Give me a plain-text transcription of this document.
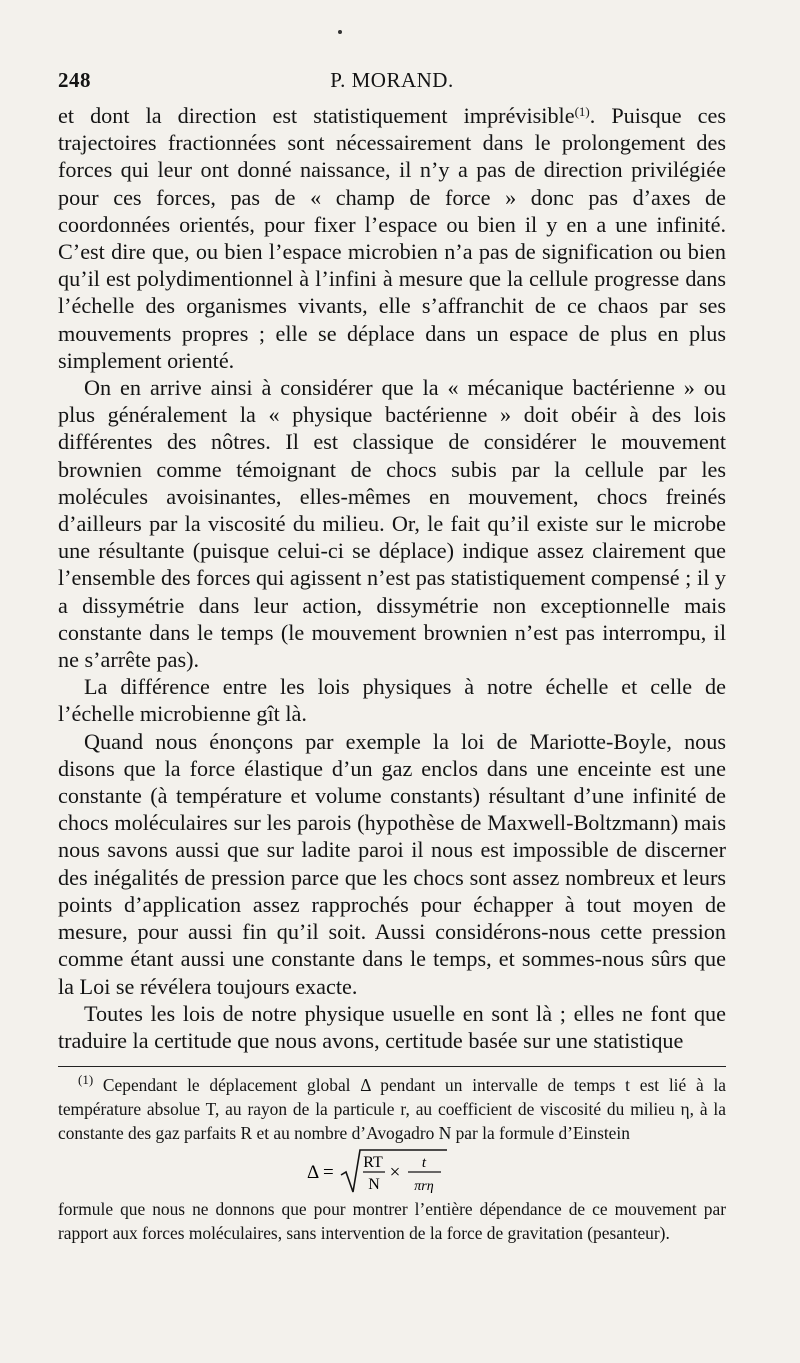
248	P. MORAND.

et dont la direction est statistiquement imprévisible$^{(1)}$. Puisque ces trajectoires fractionnées sont nécessairement dans le prolongement des forces qui leur ont donné naissance, il n’y a pas de direction privilégiée pour ces forces, pas de « champ de force » donc pas d’axes de coordonnées orientés, pour fixer l’espace ou bien il y en a une infinité. C’est dire que, ou bien l’espace microbien n’a pas de signification ou bien qu’il est polydimentionnel à l’infini à mesure que la cellule progresse dans l’échelle des organismes vivants, elle s’affranchit de ce chaos par ses mouvements propres ; elle se déplace dans un espace de plus en plus simplement orienté.

On en arrive ainsi à considérer que la « mécanique bactérienne » ou plus généralement la « physique bactérienne » doit obéir à des lois différentes des nôtres. Il est classique de considérer le mouvement brownien comme témoignant de chocs subis par la cellule par les molécules avoisinantes, elles-mêmes en mouvement, chocs freinés d’ailleurs par la viscosité du milieu. Or, le fait qu’il existe sur le microbe une résultante (puisque celui-ci se déplace) indique assez clairement que l’ensemble des forces qui agissent n’est pas statistiquement compensé ; il y a dissymétrie dans leur action, dissymétrie non exceptionnelle mais constante dans le temps (le mouvement brownien n’est pas interrompu, il ne s’arrête pas).

La différence entre les lois physiques à notre échelle et celle de l’échelle microbienne gît là.

Quand nous énonçons par exemple la loi de Mariotte-Boyle, nous disons que la force élastique d’un gaz enclos dans une enceinte est une constante (à température et volume constants) résultant d’une infinité de chocs moléculaires sur les parois (hypothèse de Maxwell-Boltzmann) mais nous savons aussi que sur ladite paroi il nous est impossible de discerner des inégalités de pression parce que les chocs sont assez nombreux et leurs points d’application assez rapprochés pour échapper à tout moyen de mesure, pour aussi fin qu’il soit. Aussi considérons-nous cette pression comme étant aussi une constante dans le temps, et sommes-nous sûrs que la Loi se révélera toujours exacte.

Toutes les lois de notre physique usuelle en sont là ; elles ne font que traduire la certitude que nous avons, certitude basée sur une statistique

$^{(1)}$ Cependant le déplacement global Δ pendant un intervalle de temps t est lié à la température absolue T, au rayon de la particule r, au coefficient de viscosité du milieu η, à la constante des gaz parfaits R et au nombre d’Avogadro N par la formule d’Einstein

Δ = RT
N
× t
πrη

formule que nous ne donnons que pour montrer l’entière dépendance de ce mouvement par rapport aux forces moléculaires, sans intervention de la force de gravitation (pesanteur).
